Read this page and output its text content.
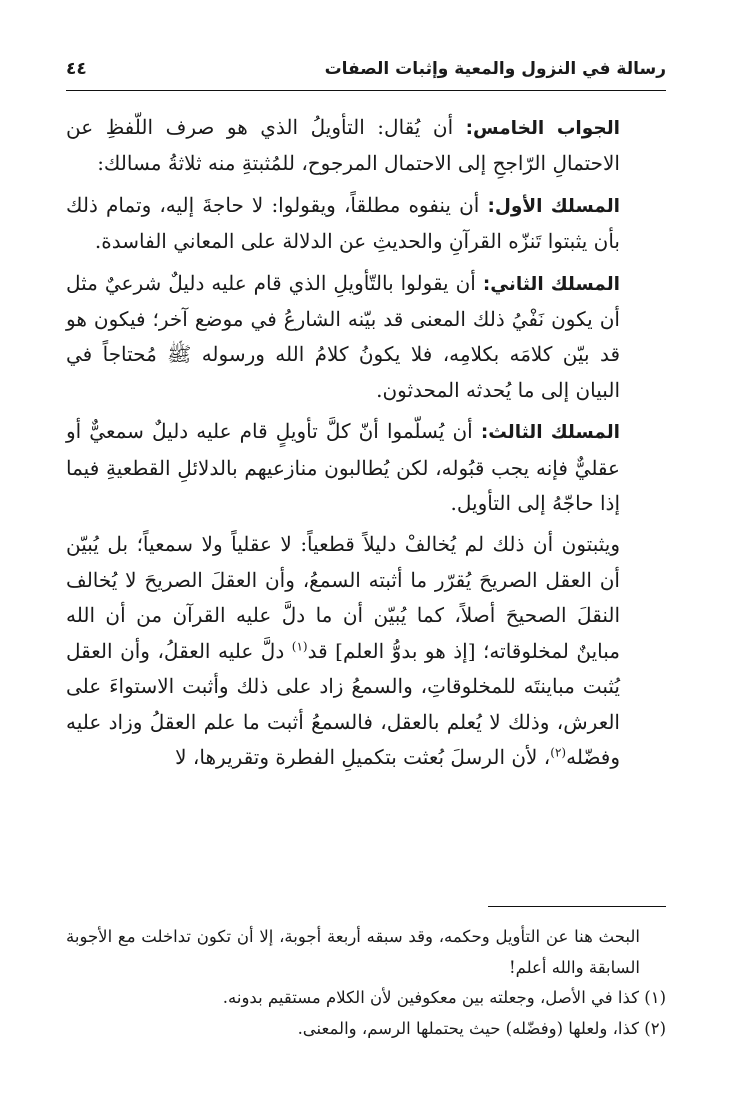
رسالة في النزول والمعية وإثبات الصفات
٤٤

الجواب الخامس: أن يُقال: التأويلُ الذي هو صرف اللّفظِ عن الاحتمالِ الرّاجحِ إلى الاحتمال المرجوح، للمُثبتةِ منه ثلاثةُ مسالك:

المسلك الأول: أن ينفوه مطلقاً، ويقولوا: لا حاجةَ إليه، وتمام ذلك بأن يثبتوا تَنزّه القرآنِ والحديثِ عن الدلالة على المعاني الفاسدة.

المسلك الثاني: أن يقولوا بالتّأويلِ الذي قام عليه دليلٌ شرعيٌ مثل أن يكون نَفْيُ ذلك المعنى قد بيّنه الشارعُ في موضع آخر؛ فيكون هو قد بيّن كلامَه بكلامِه، فلا يكونُ كلامُ الله ورسوله ﷺ مُحتاجاً في البيان إلى ما يُحدثه المحدثون.

المسلك الثالث: أن يُسلّموا أنّ كلَّ تأويلٍ قام عليه دليلٌ سمعيٌّ أو عقليٌّ فإنه يجب قبُوله، لكن يُطالبون منازعيهم بالدلائلِ القطعيةِ فيما إذا حاجّهُ إلى التأويل.

ويثبتون أن ذلك لم يُخالفْ دليلاً قطعياً: لا عقلياً ولا سمعياً؛ بل يُبيّن أن العقل الصريحَ يُقرّر ما أثبته السمعُ، وأن العقلَ الصريحَ لا يُخالف النقلَ الصحيحَ أصلاً، كما يُبيّن أن ما دلَّ عليه القرآن من أن الله مباينٌ لمخلوقاته؛ [إذ هو بدوُّ العلم] قد$^{(١)}$ دلَّ عليه العقلُ، وأن العقل يُثبت مباينتَه للمخلوقاتِ، والسمعُ زاد على ذلك وأثبت الاستواءَ على العرش، وذلك لا يُعلم بالعقل، فالسمعُ أثبت ما علم العقلُ وزاد عليه وفضّله$^{(٢)}$، لأن الرسلَ بُعثت بتكميلِ الفطرة وتقريرها، لا

البحث هنا عن التأويل وحكمه، وقد سبقه أربعة أجوبة، إلا أن تكون تداخلت مع الأجوبة السابقة والله أعلم!

(١) كذا في الأصل، وجعلته بين معكوفين لأن الكلام مستقيم بدونه.

(٢) كذا، ولعلها (وفضّله) حيث يحتملها الرسم، والمعنى.
